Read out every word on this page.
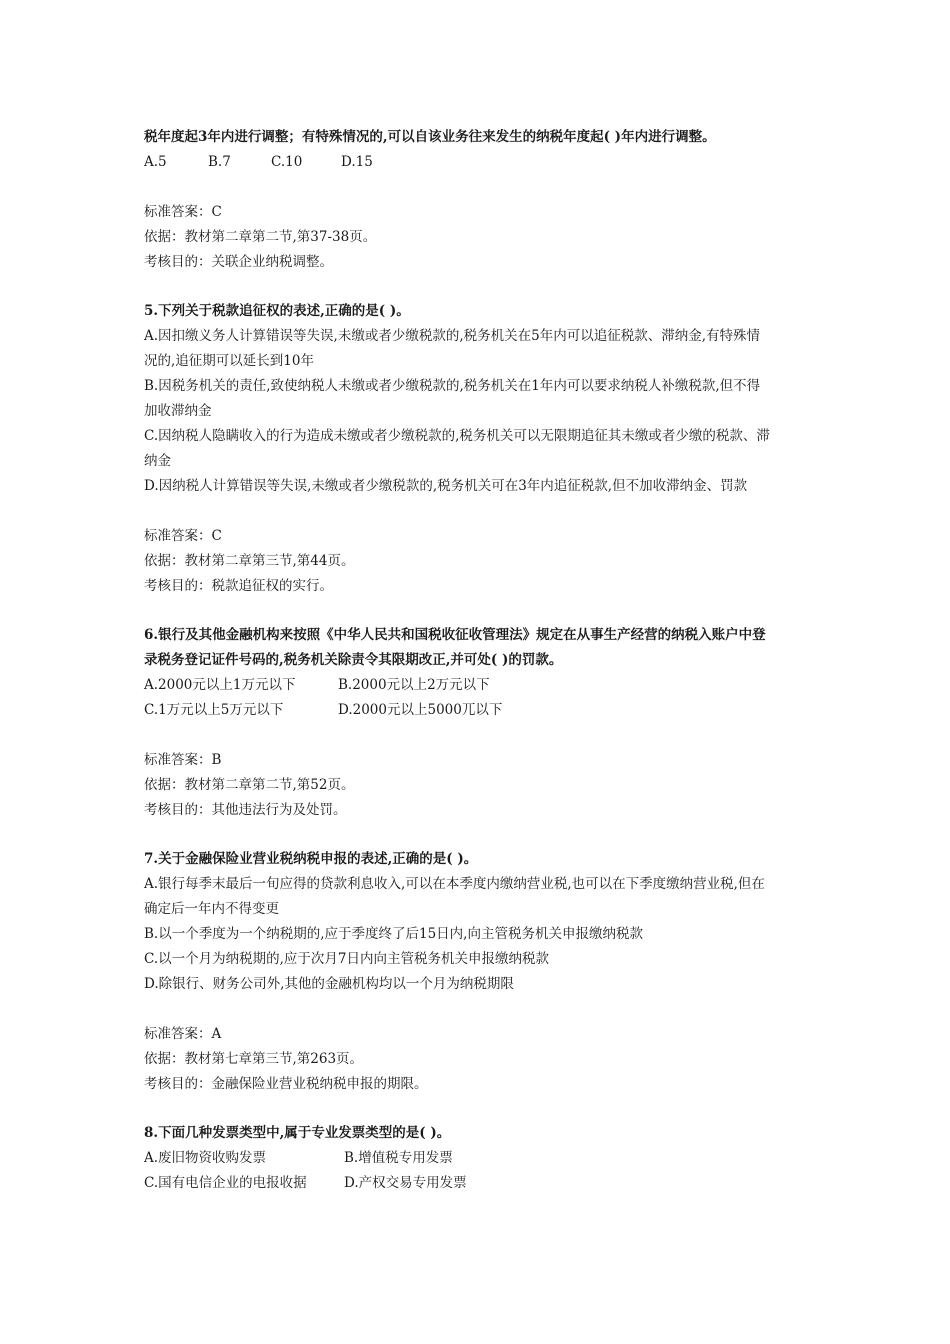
税年度起3年内进行调整；有特殊情况的,可以自该业务往来发生的纳税年度起( )年内进行调整。
A.5	B.7	C.10	D.15
标准答案：C
依据：教材第二章第二节,第37-38页。
考核目的：关联企业纳税调整。
5.下列关于税款追征权的表述,正确的是( )。
A.因扣缴义务人计算错误等失误,未缴或者少缴税款的,税务机关在5年内可以追征税款、滞纳金,有特殊情
况的,追征期可以延长到10年
B.因税务机关的责任,致使纳税人未缴或者少缴税款的,税务机关在1年内可以要求纳税人补缴税款,但不得
加收滞纳金
C.因纳税人隐瞒收入的行为造成未缴或者少缴税款的,税务机关可以无限期追征其未缴或者少缴的税款、滞
纳金
D.因纳税人计算错误等失误,未缴或者少缴税款的,税务机关可在3年内追征税款,但不加收滞纳金、罚款
标准答案：C
依据：教材第二章第三节,第44页。
考核目的：税款追征权的实行。
6.银行及其他金融机构来按照《中华人民共和国税收征收管理法》规定在从事生产经营的纳税入账户中登
录税务登记证件号码的,税务机关除责令其限期改正,并可处( )的罚款。
A.2000元以上1万元以下	B.2000元以上2万元以下
C.1万元以上5万元以下	D.2000元以上5000兀以下
标准答案：B
依据：教材第二章第二节,第52页。
考核目的：其他违法行为及处罚。
7.关于金融保险业营业税纳税申报的表述,正确的是( )。
A.银行每季末最后一旬应得的贷款利息收入,可以在本季度内缴纳营业税,也可以在下季度缴纳营业税,但在
确定后一年内不得变更
B.以一个季度为一个纳税期的,应于季度终了后15日内,向主管税务机关申报缴纳税款
C.以一个月为纳税期的,应于次月7日内向主管税务机关申报缴纳税款
D.除银行、财务公司外,其他的金融机构均以一个月为纳税期限
标准答案：A
依据：教材第七章第三节,第263页。
考核目的：金融保险业营业税纳税申报的期限。
8.下面几种发票类型中,属于专业发票类型的是( )。
A.废旧物资收购发票	B.增值税专用发票
C.国有电信企业的电报收据	D.产权交易专用发票
